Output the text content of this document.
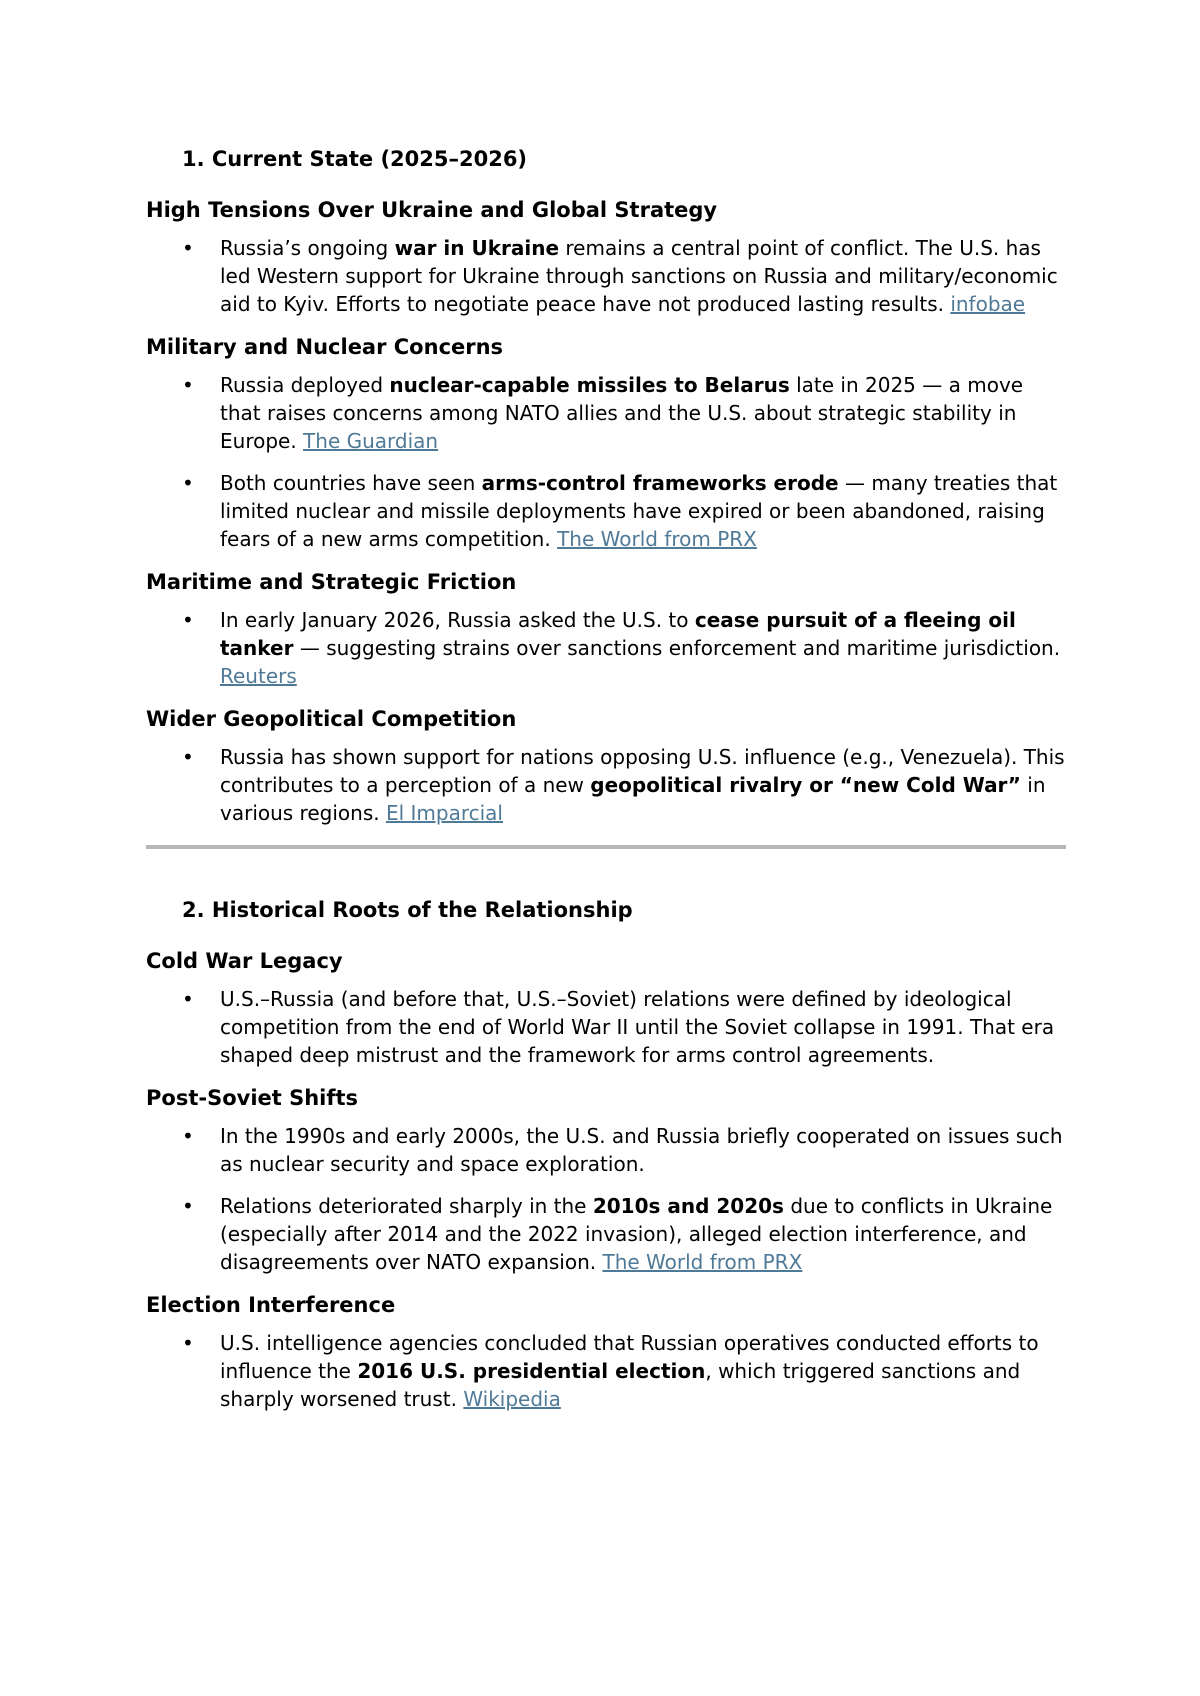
1. Current State (2025–2026)
High Tensions Over Ukraine and Global Strategy
• Russia’s ongoing war in Ukraine remains a central point of conflict. The U.S. has led Western support for Ukraine through sanctions on Russia and military/economic aid to Kyiv. Efforts to negotiate peace have not produced lasting results. infobae
Military and Nuclear Concerns
• Russia deployed nuclear-capable missiles to Belarus late in 2025 — a move that raises concerns among NATO allies and the U.S. about strategic stability in Europe. The Guardian
• Both countries have seen arms-control frameworks erode — many treaties that limited nuclear and missile deployments have expired or been abandoned, raising fears of a new arms competition. The World from PRX
Maritime and Strategic Friction
• In early January 2026, Russia asked the U.S. to cease pursuit of a fleeing oil tanker — suggesting strains over sanctions enforcement and maritime jurisdiction. Reuters
Wider Geopolitical Competition
• Russia has shown support for nations opposing U.S. influence (e.g., Venezuela). This contributes to a perception of a new geopolitical rivalry or “new Cold War” in various regions. El Imparcial
2. Historical Roots of the Relationship
Cold War Legacy
• U.S.–Russia (and before that, U.S.–Soviet) relations were defined by ideological competition from the end of World War II until the Soviet collapse in 1991. That era shaped deep mistrust and the framework for arms control agreements.
Post-Soviet Shifts
• In the 1990s and early 2000s, the U.S. and Russia briefly cooperated on issues such as nuclear security and space exploration.
• Relations deteriorated sharply in the 2010s and 2020s due to conflicts in Ukraine (especially after 2014 and the 2022 invasion), alleged election interference, and disagreements over NATO expansion. The World from PRX
Election Interference
• U.S. intelligence agencies concluded that Russian operatives conducted efforts to influence the 2016 U.S. presidential election, which triggered sanctions and sharply worsened trust. Wikipedia
